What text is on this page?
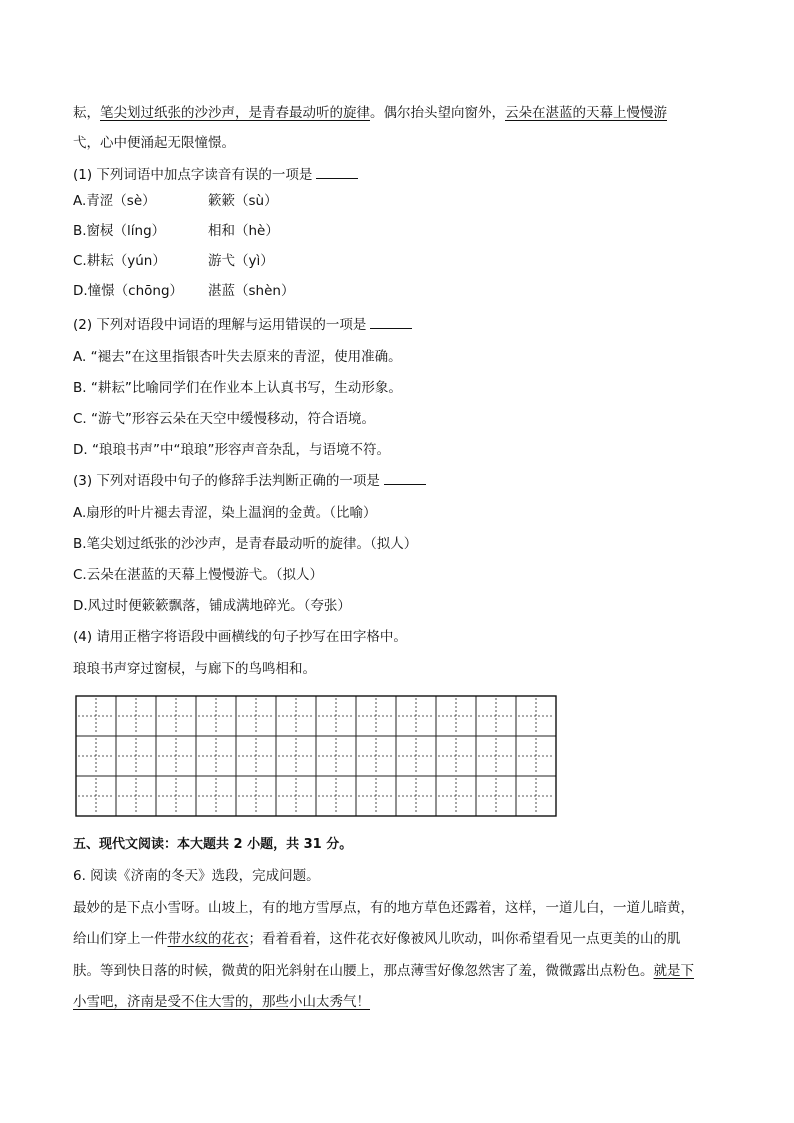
耘，笔尖划过纸张的沙沙声，是青春最动听的旋律。偶尔抬头望向窗外，云朵在湛蓝的天幕上慢慢游
弋，心中便涌起无限憧憬。
(1) 下列词语中加点字读音有误的一项是
A.青涩（sè）	簌簌（sù）
B.窗棂（líng）	相和（hè）
C.耕耘（yún）	游弋（yì）
D.憧憬（chōng） 湛蓝（shèn）
(2) 下列对语段中词语的理解与运用错误的一项是
A. “褪去”在这里指银杏叶失去原来的青涩，使用准确。
B. “耕耘”比喻同学们在作业本上认真书写，生动形象。
C. “游弋”形容云朵在天空中缓慢移动，符合语境。
D. “琅琅书声”中“琅琅”形容声音杂乱，与语境不符。
(3) 下列对语段中句子的修辞手法判断正确的一项是
A.扇形的叶片褪去青涩，染上温润的金黄。（比喻）
B.笔尖划过纸张的沙沙声，是青春最动听的旋律。（拟人）
C.云朵在湛蓝的天幕上慢慢游弋。（拟人）
D.风过时便簌簌飘落，铺成满地碎光。（夸张）
(4) 请用正楷字将语段中画横线的句子抄写在田字格中。
琅琅书声穿过窗棂，与廊下的鸟鸣相和。
五、现代文阅读：本大题共 2 小题，共 31 分。
6. 阅读《济南的冬天》选段，完成问题。
最妙的是下点小雪呀。山坡上，有的地方雪厚点，有的地方草色还露着，这样，一道儿白，一道儿暗黄，
给山们穿上一件带水纹的花衣；看着看着，这件花衣好像被风儿吹动，叫你希望看见一点更美的山的肌
肤。等到快日落的时候，微黄的阳光斜射在山腰上，那点薄雪好像忽然害了羞，微微露出点粉色。就是下
小雪吧，济南是受不住大雪的，那些小山太秀气！
